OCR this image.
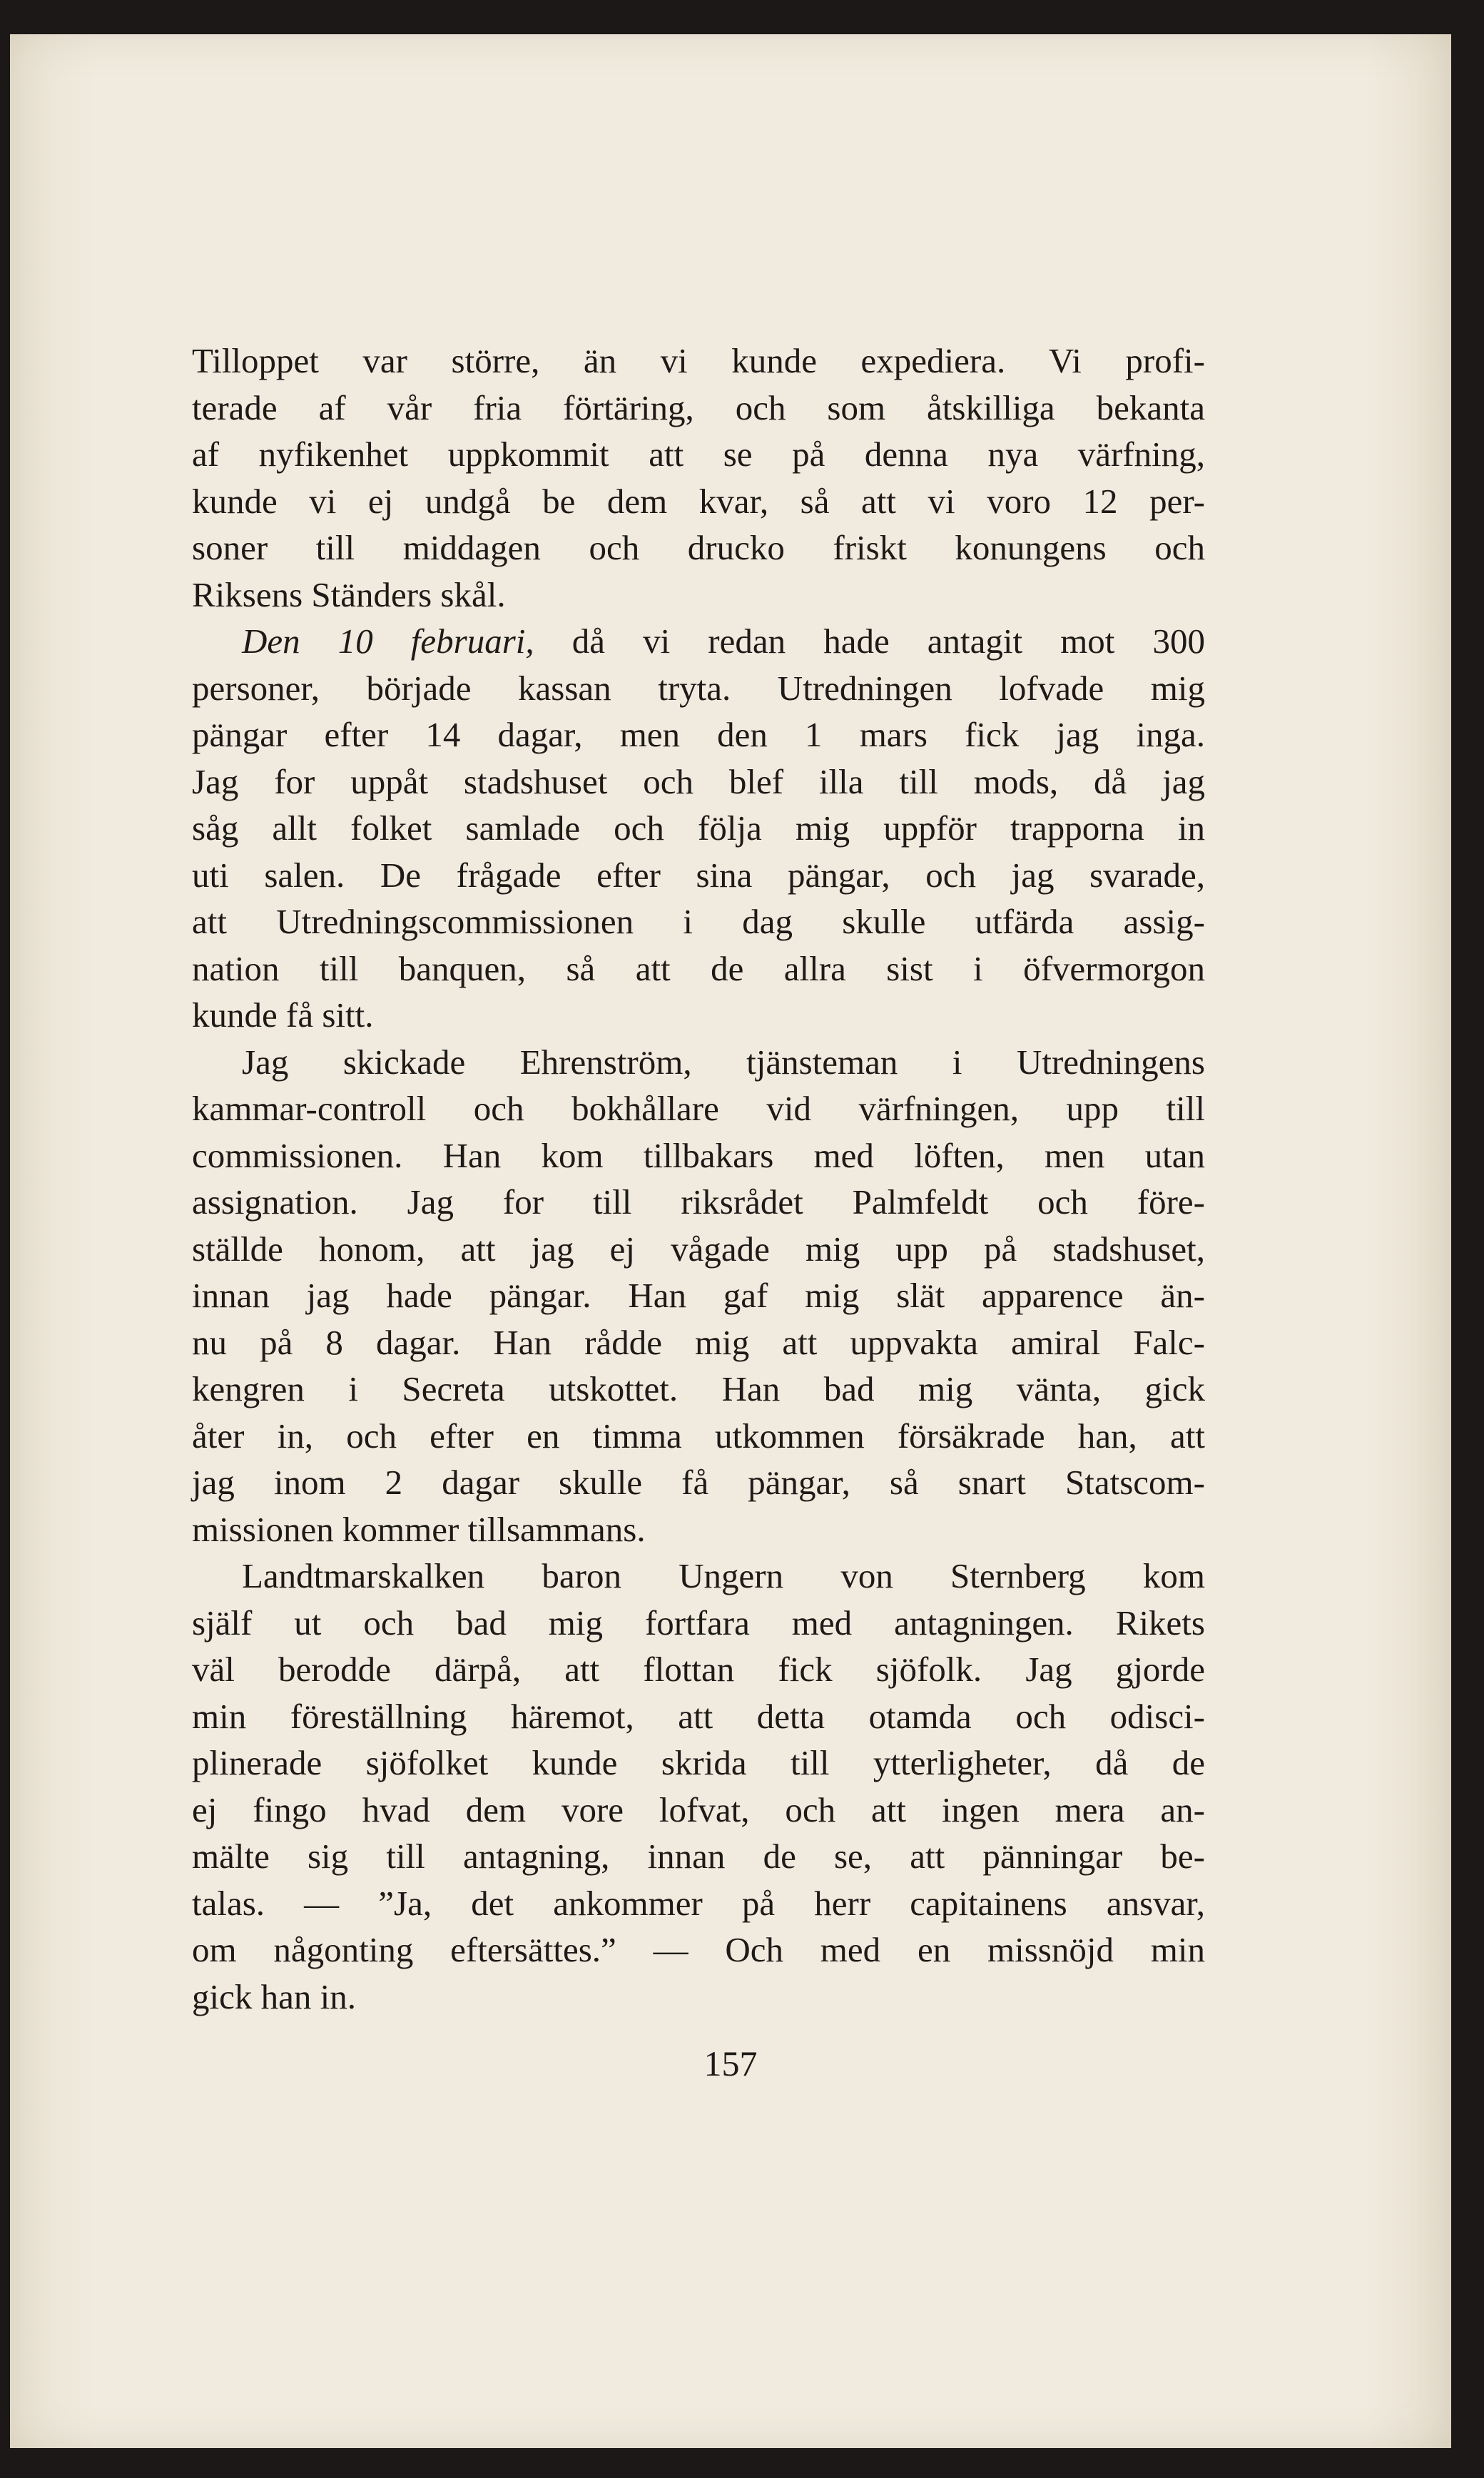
Tilloppet var större, än vi kunde expediera. Vi profi-
terade af vår fria förtäring, och som åtskilliga bekanta
af nyfikenhet uppkommit att se på denna nya värfning,
kunde vi ej undgå be dem kvar, så att vi voro 12 per-
soner till middagen och drucko friskt konungens och
Riksens Ständers skål.
Den 10 februari, då vi redan hade antagit mot 300
personer, började kassan tryta. Utredningen lofvade mig
pängar efter 14 dagar, men den 1 mars fick jag inga.
Jag for uppåt stadshuset och blef illa till mods, då jag
såg allt folket samlade och följa mig uppför trapporna in
uti salen. De frågade efter sina pängar, och jag svarade,
att Utredningscommissionen i dag skulle utfärda assig-
nation till banquen, så att de allra sist i öfvermorgon
kunde få sitt.
Jag skickade Ehrenström, tjänsteman i Utredningens
kammar-controll och bokhållare vid värfningen, upp till
commissionen. Han kom tillbakars med löften, men utan
assignation. Jag for till riksrådet Palmfeldt och före-
ställde honom, att jag ej vågade mig upp på stadshuset,
innan jag hade pängar. Han gaf mig slät apparence än-
nu på 8 dagar. Han rådde mig att uppvakta amiral Falc-
kengren i Secreta utskottet. Han bad mig vänta, gick
åter in, och efter en timma utkommen försäkrade han, att
jag inom 2 dagar skulle få pängar, så snart Statscom-
missionen kommer tillsammans.
Landtmarskalken baron Ungern von Sternberg kom
själf ut och bad mig fortfara med antagningen. Rikets
väl berodde därpå, att flottan fick sjöfolk. Jag gjorde
min föreställning häremot, att detta otamda och odisci-
plinerade sjöfolket kunde skrida till ytterligheter, då de
ej fingo hvad dem vore lofvat, och att ingen mera an-
mälte sig till antagning, innan de se, att pänningar be-
talas. — ”Ja, det ankommer på herr capitainens ansvar,
om någonting eftersättes.” — Och med en missnöjd min
gick han in.
157
